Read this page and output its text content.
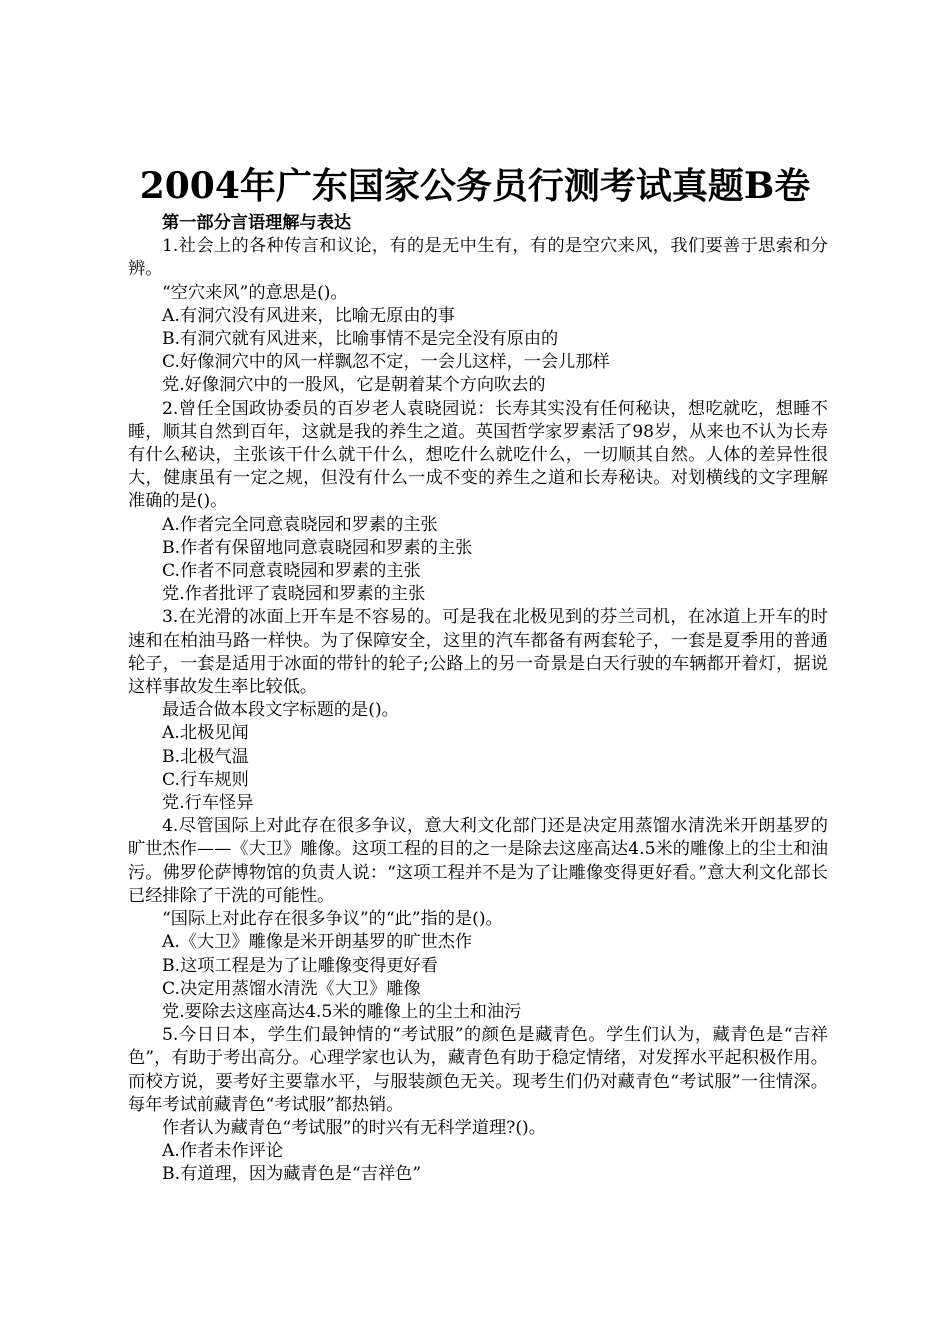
2004年广东国家公务员行测考试真题B卷

第一部分言语理解与表达

1.社会上的各种传言和议论，有的是无中生有，有的是空穴来风，我们要善于思索和分辨。

“空穴来风”的意思是()。

A.有洞穴没有风进来，比喻无原由的事

B.有洞穴就有风进来，比喻事情不是完全没有原由的

C.好像洞穴中的风一样飘忽不定，一会儿这样，一会儿那样

党.好像洞穴中的一股风，它是朝着某个方向吹去的

2.曾任全国政协委员的百岁老人袁晓园说：长寿其实没有任何秘诀，想吃就吃，想睡不睡，顺其自然到百年，这就是我的养生之道。英国哲学家罗素活了98岁，从来也不认为长寿有什么秘诀，主张该干什么就干什么，想吃什么就吃什么，一切顺其自然。人体的差异性很大，健康虽有一定之规，但没有什么一成不变的养生之道和长寿秘诀。对划横线的文字理解准确的是()。

A.作者完全同意袁晓园和罗素的主张

B.作者有保留地同意袁晓园和罗素的主张

C.作者不同意袁晓园和罗素的主张

党.作者批评了袁晓园和罗素的主张

3.在光滑的冰面上开车是不容易的。可是我在北极见到的芬兰司机，在冰道上开车的时速和在柏油马路一样快。为了保障安全，这里的汽车都备有两套轮子，一套是夏季用的普通轮子，一套是适用于冰面的带针的轮子;公路上的另一奇景是白天行驶的车辆都开着灯，据说这样事故发生率比较低。

最适合做本段文字标题的是()。

A.北极见闻

B.北极气温

C.行车规则

党.行车怪异

4.尽管国际上对此存在很多争议，意大利文化部门还是决定用蒸馏水清洗米开朗基罗的旷世杰作——《大卫》雕像。这项工程的目的之一是除去这座高达4.5米的雕像上的尘土和油污。佛罗伦萨博物馆的负责人说：“这项工程并不是为了让雕像变得更好看。”意大利文化部长已经排除了干洗的可能性。

“国际上对此存在很多争议”的“此”指的是()。

A.《大卫》雕像是米开朗基罗的旷世杰作

B.这项工程是为了让雕像变得更好看

C.决定用蒸馏水清洗《大卫》雕像

党.要除去这座高达4.5米的雕像上的尘土和油污

5.今日日本，学生们最钟情的“考试服”的颜色是藏青色。学生们认为，藏青色是“吉祥色”，有助于考出高分。心理学家也认为，藏青色有助于稳定情绪，对发挥水平起积极作用。而校方说，要考好主要靠水平，与服装颜色无关。现考生们仍对藏青色“考试服”一往情深。每年考试前藏青色“考试服”都热销。

作者认为藏青色“考试服”的时兴有无科学道理?()。

A.作者未作评论

B.有道理，因为藏青色是“吉祥色”
